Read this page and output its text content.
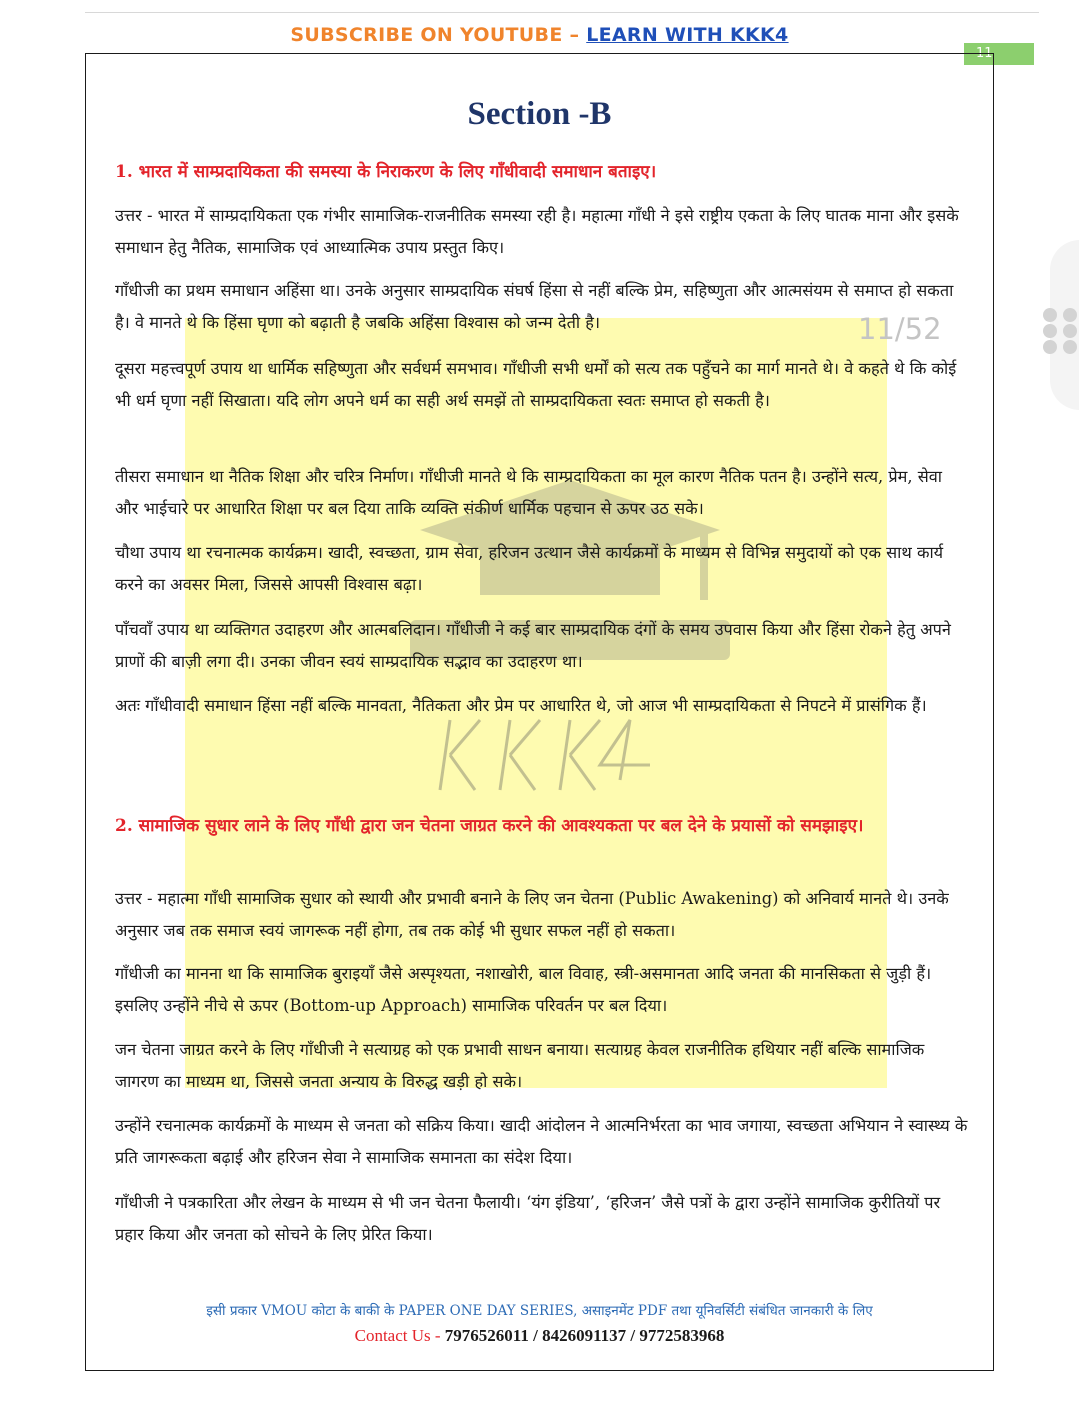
SUBSCRIBE ON YOUTUBE – LEARN WITH KKK4
11
11/52
Section -B
1. भारत में साम्प्रदायिकता की समस्या के निराकरण के लिए गाँधीवादी समाधान बताइए।
उत्तर - भारत में साम्प्रदायिकता एक गंभीर सामाजिक-राजनीतिक समस्या रही है। महात्मा गाँधी ने इसे राष्ट्रीय एकता के लिए घातक माना और इसके समाधान हेतु नैतिक, सामाजिक एवं आध्यात्मिक उपाय प्रस्तुत किए।
गाँधीजी का प्रथम समाधान अहिंसा था। उनके अनुसार साम्प्रदायिक संघर्ष हिंसा से नहीं बल्कि प्रेम, सहिष्णुता और आत्मसंयम से समाप्त हो सकता है। वे मानते थे कि हिंसा घृणा को बढ़ाती है जबकि अहिंसा विश्वास को जन्म देती है।
दूसरा महत्त्वपूर्ण उपाय था धार्मिक सहिष्णुता और सर्वधर्म समभाव। गाँधीजी सभी धर्मों को सत्य तक पहुँचने का मार्ग मानते थे। वे कहते थे कि कोई भी धर्म घृणा नहीं सिखाता। यदि लोग अपने धर्म का सही अर्थ समझें तो साम्प्रदायिकता स्वतः समाप्त हो सकती है।
तीसरा समाधान था नैतिक शिक्षा और चरित्र निर्माण। गाँधीजी मानते थे कि साम्प्रदायिकता का मूल कारण नैतिक पतन है। उन्होंने सत्य, प्रेम, सेवा और भाईचारे पर आधारित शिक्षा पर बल दिया ताकि व्यक्ति संकीर्ण धार्मिक पहचान से ऊपर उठ सके।
चौथा उपाय था रचनात्मक कार्यक्रम। खादी, स्वच्छता, ग्राम सेवा, हरिजन उत्थान जैसे कार्यक्रमों के माध्यम से विभिन्न समुदायों को एक साथ कार्य करने का अवसर मिला, जिससे आपसी विश्वास बढ़ा।
पाँचवाँ उपाय था व्यक्तिगत उदाहरण और आत्मबलिदान। गाँधीजी ने कई बार साम्प्रदायिक दंगों के समय उपवास किया और हिंसा रोकने हेतु अपने प्राणों की बाज़ी लगा दी। उनका जीवन स्वयं साम्प्रदायिक सद्भाव का उदाहरण था।
अतः गाँधीवादी समाधान हिंसा नहीं बल्कि मानवता, नैतिकता और प्रेम पर आधारित थे, जो आज भी साम्प्रदायिकता से निपटने में प्रासंगिक हैं।
2. सामाजिक सुधार लाने के लिए गाँधी द्वारा जन चेतना जाग्रत करने की आवश्यकता पर बल देने के प्रयासों को समझाइए।
उत्तर - महात्मा गाँधी सामाजिक सुधार को स्थायी और प्रभावी बनाने के लिए जन चेतना (Public Awakening) को अनिवार्य मानते थे। उनके अनुसार जब तक समाज स्वयं जागरूक नहीं होगा, तब तक कोई भी सुधार सफल नहीं हो सकता।
गाँधीजी का मानना था कि सामाजिक बुराइयाँ जैसे अस्पृश्यता, नशाखोरी, बाल विवाह, स्त्री-असमानता आदि जनता की मानसिकता से जुड़ी हैं। इसलिए उन्होंने नीचे से ऊपर (Bottom-up Approach) सामाजिक परिवर्तन पर बल दिया।
जन चेतना जाग्रत करने के लिए गाँधीजी ने सत्याग्रह को एक प्रभावी साधन बनाया। सत्याग्रह केवल राजनीतिक हथियार नहीं बल्कि सामाजिक जागरण का माध्यम था, जिससे जनता अन्याय के विरुद्ध खड़ी हो सके।
उन्होंने रचनात्मक कार्यक्रमों के माध्यम से जनता को सक्रिय किया। खादी आंदोलन ने आत्मनिर्भरता का भाव जगाया, स्वच्छता अभियान ने स्वास्थ्य के प्रति जागरूकता बढ़ाई और हरिजन सेवा ने सामाजिक समानता का संदेश दिया।
गाँधीजी ने पत्रकारिता और लेखन के माध्यम से भी जन चेतना फैलायी। ‘यंग इंडिया’, ‘हरिजन’ जैसे पत्रों के द्वारा उन्होंने सामाजिक कुरीतियों पर प्रहार किया और जनता को सोचने के लिए प्रेरित किया।
इसी प्रकार VMOU कोटा के बाकी के PAPER ONE DAY SERIES, असाइनमेंट PDF तथा यूनिवर्सिटी संबंधित जानकारी के लिए
Contact Us - 7976526011 / 8426091137 / 9772583968
